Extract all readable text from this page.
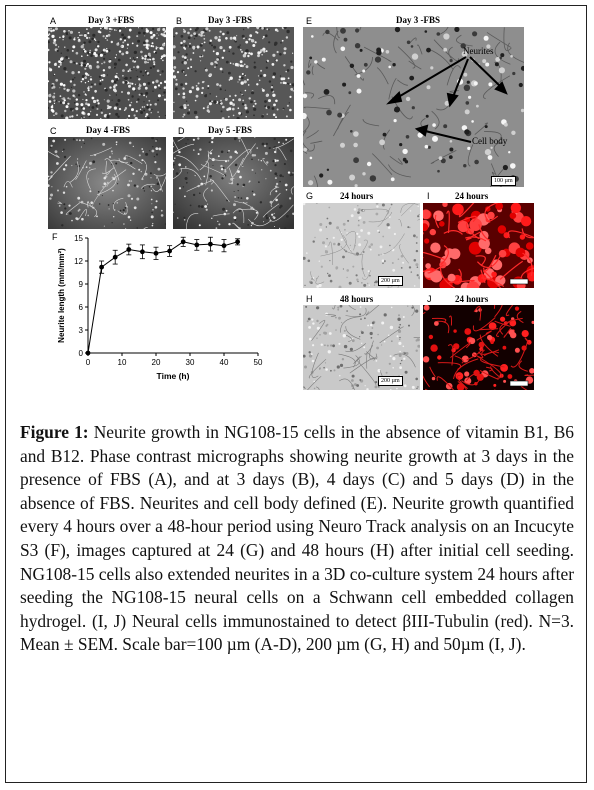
A	Day 3 +FBS	B	Day 3 -FBS
C	Day 4 -FBS	D	Day 5 -FBS
E	Day 3 -FBS
Neurites
Cell body
100 µm
F
0
3
6
9
12
15
0	10	20	30	40	50
Time (h)
Neurite length (mm/mm²)
G	24 hours
200 µm
I	24 hours
H	48 hours
200 µm
J	24 hours
Figure 1: Neurite growth in NG108-15 cells in the absence of vitamin B1, B6 and B12. Phase contrast micrographs showing neurite growth at 3 days in the presence of FBS (A), and at 3 days (B), 4 days (C) and 5 days (D) in the absence of FBS. Neurites and cell body defined (E). Neurite growth quantified every 4 hours over a 48-hour period using Neuro Track analysis on an Incucyte S3 (F), images captured at 24 (G) and 48 hours (H) after initial cell seeding. NG108-15 cells also extended neurites in a 3D co-culture system 24 hours after seeding the NG108-15 neural cells on a Schwann cell embedded collagen hydrogel. (I, J) Neural cells immunostained to detect βIII-Tubulin (red). N=3. Mean ± SEM. Scale bar=100 µm (A-D), 200 µm (G, H) and 50µm (I, J).
